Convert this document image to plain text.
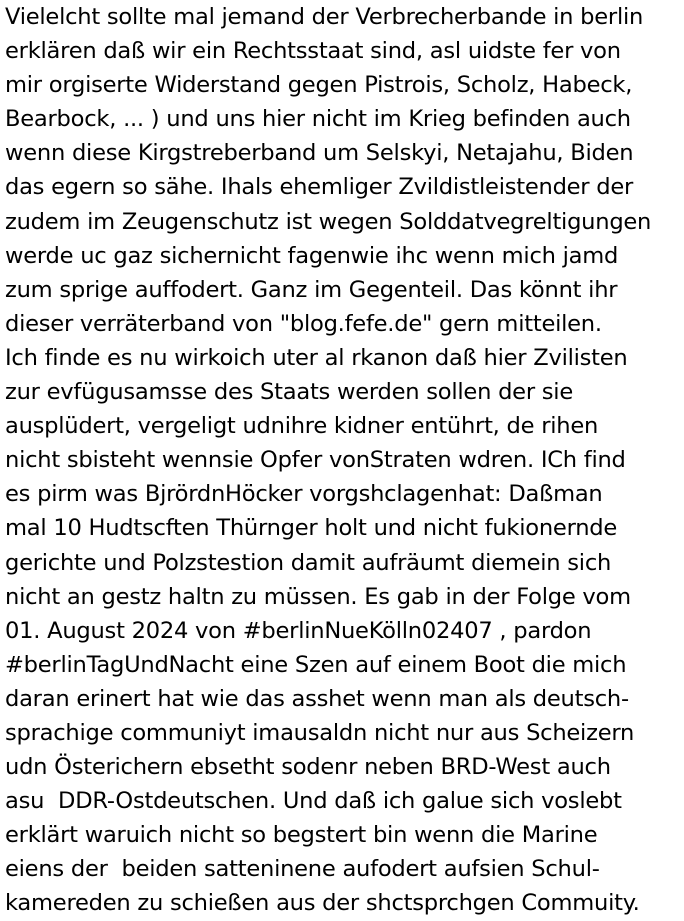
Vielelcht sollte mal jemand der Verbrecherbande in berlin
erklären daß wir ein Rechtsstaat sind, asl uidste fer von
mir orgiserte Widerstand gegen Pistrois, Scholz, Habeck,
Bearbock, ... ) und uns hier nicht im Krieg befinden auch
wenn diese Kirgstreberband um Selskyi, Netajahu, Biden
das egern so sähe. Ihals ehemliger Zvildistleistender der
zudem im Zeugenschutz ist wegen Solddatvegreltigungen
werde uc gaz sichernicht fagenwie ihc wenn mich jamd
zum sprige auffodert. Ganz im Gegenteil. Das könnt ihr
dieser verräterband von "blog.fefe.de" gern mitteilen.
Ich finde es nu wirkoich uter al rkanon daß hier Zvilisten
zur evfügusamsse des Staats werden sollen der sie
ausplüdert, vergeligt udnihre kidner entührt, de rihen
nicht sbisteht wennsie Opfer vonStraten wdren. ICh find
es pirm was BjrördnHöcker vorgshclagenhat: Daßman
mal 10 Hudtscften Thürnger holt und nicht fukionernde
gerichte und Polzstestion damit aufräumt diemein sich
nicht an gestz haltn zu müssen. Es gab in der Folge vom
01. August 2024 von #berlinNueKölln02407 , pardon
#berlinTagUndNacht eine Szen auf einem Boot die mich
daran erinert hat wie das asshet wenn man als deutsch-
sprachige communiyt imausaldn nicht nur aus Scheizern
udn Österichern ebsetht sodenr neben BRD-West auch
asu  DDR-Ostdeutschen. Und daß ich galue sich voslebt
erklärt waruich nicht so begstert bin wenn die Marine
eiens der  beiden satteninene aufodert aufsien Schul-
kamereden zu schießen aus der shctsprchgen Commuity.
